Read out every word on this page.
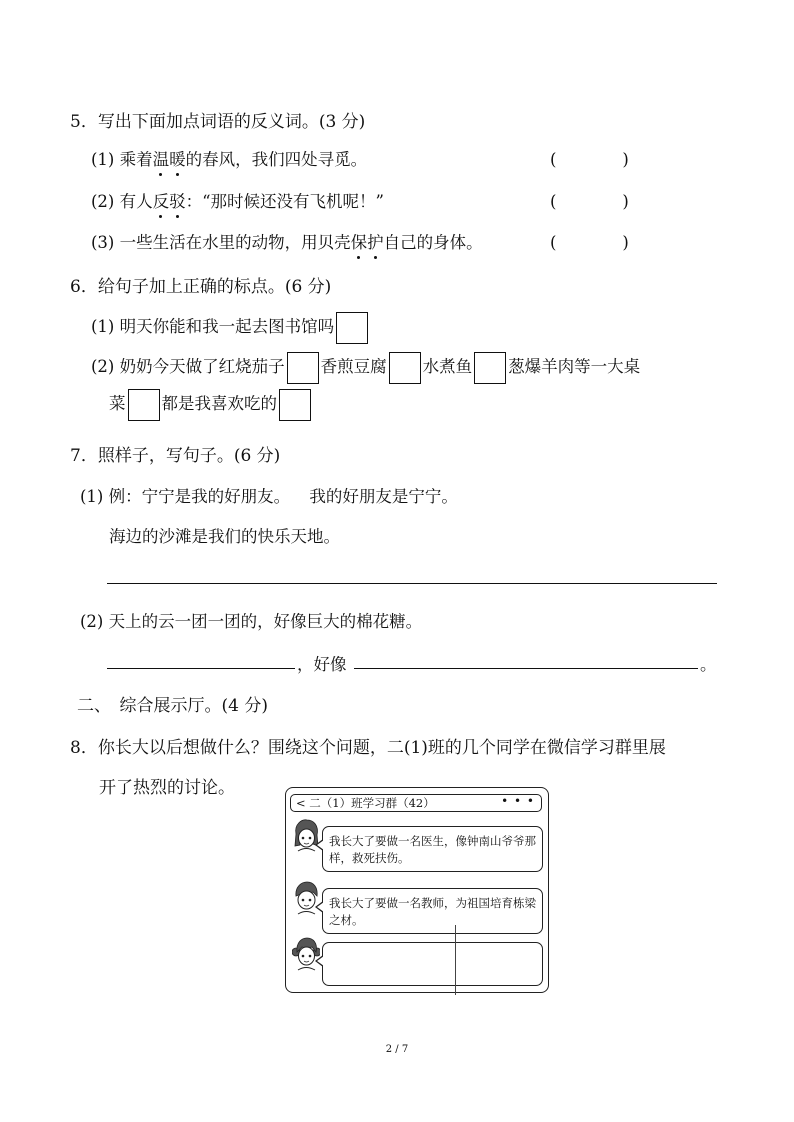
5．写出下面加点词语的反义词。(3 分)
(1) 乘着温暖的春风，我们四处寻觅。	(　　　　)
(2) 有人反驳：“那时候还没有飞机呢！”	(　　　　)
(3) 一些生活在水里的动物，用贝壳保护自己的身体。	(　　　　)
6．给句子加上正确的标点。(6 分)
(1) 明天你能和我一起去图书馆吗
(2) 奶奶今天做了红烧茄子 香煎豆腐 水煮鱼 葱爆羊肉等一大桌
菜 都是我喜欢吃的
7．照样子，写句子。(6 分)
(1) 例：宁宁是我的好朋友。 我的好朋友是宁宁。
海边的沙滩是我们的快乐天地。
(2) 天上的云一团一团的，好像巨大的棉花糖。
，好像	。
二、　综合展示厅。(4 分)
8．你长大以后想做什么？围绕这个问题，二(1)班的几个同学在微信学习群里展
开了热烈的讨论。
< 二（1）班学习群（42）	• • •
我长大了要做一名医生，像钟南山爷爷那样，救死扶伤。
我长大了要做一名教师，为祖国培育栋梁之材。
2 / 7
